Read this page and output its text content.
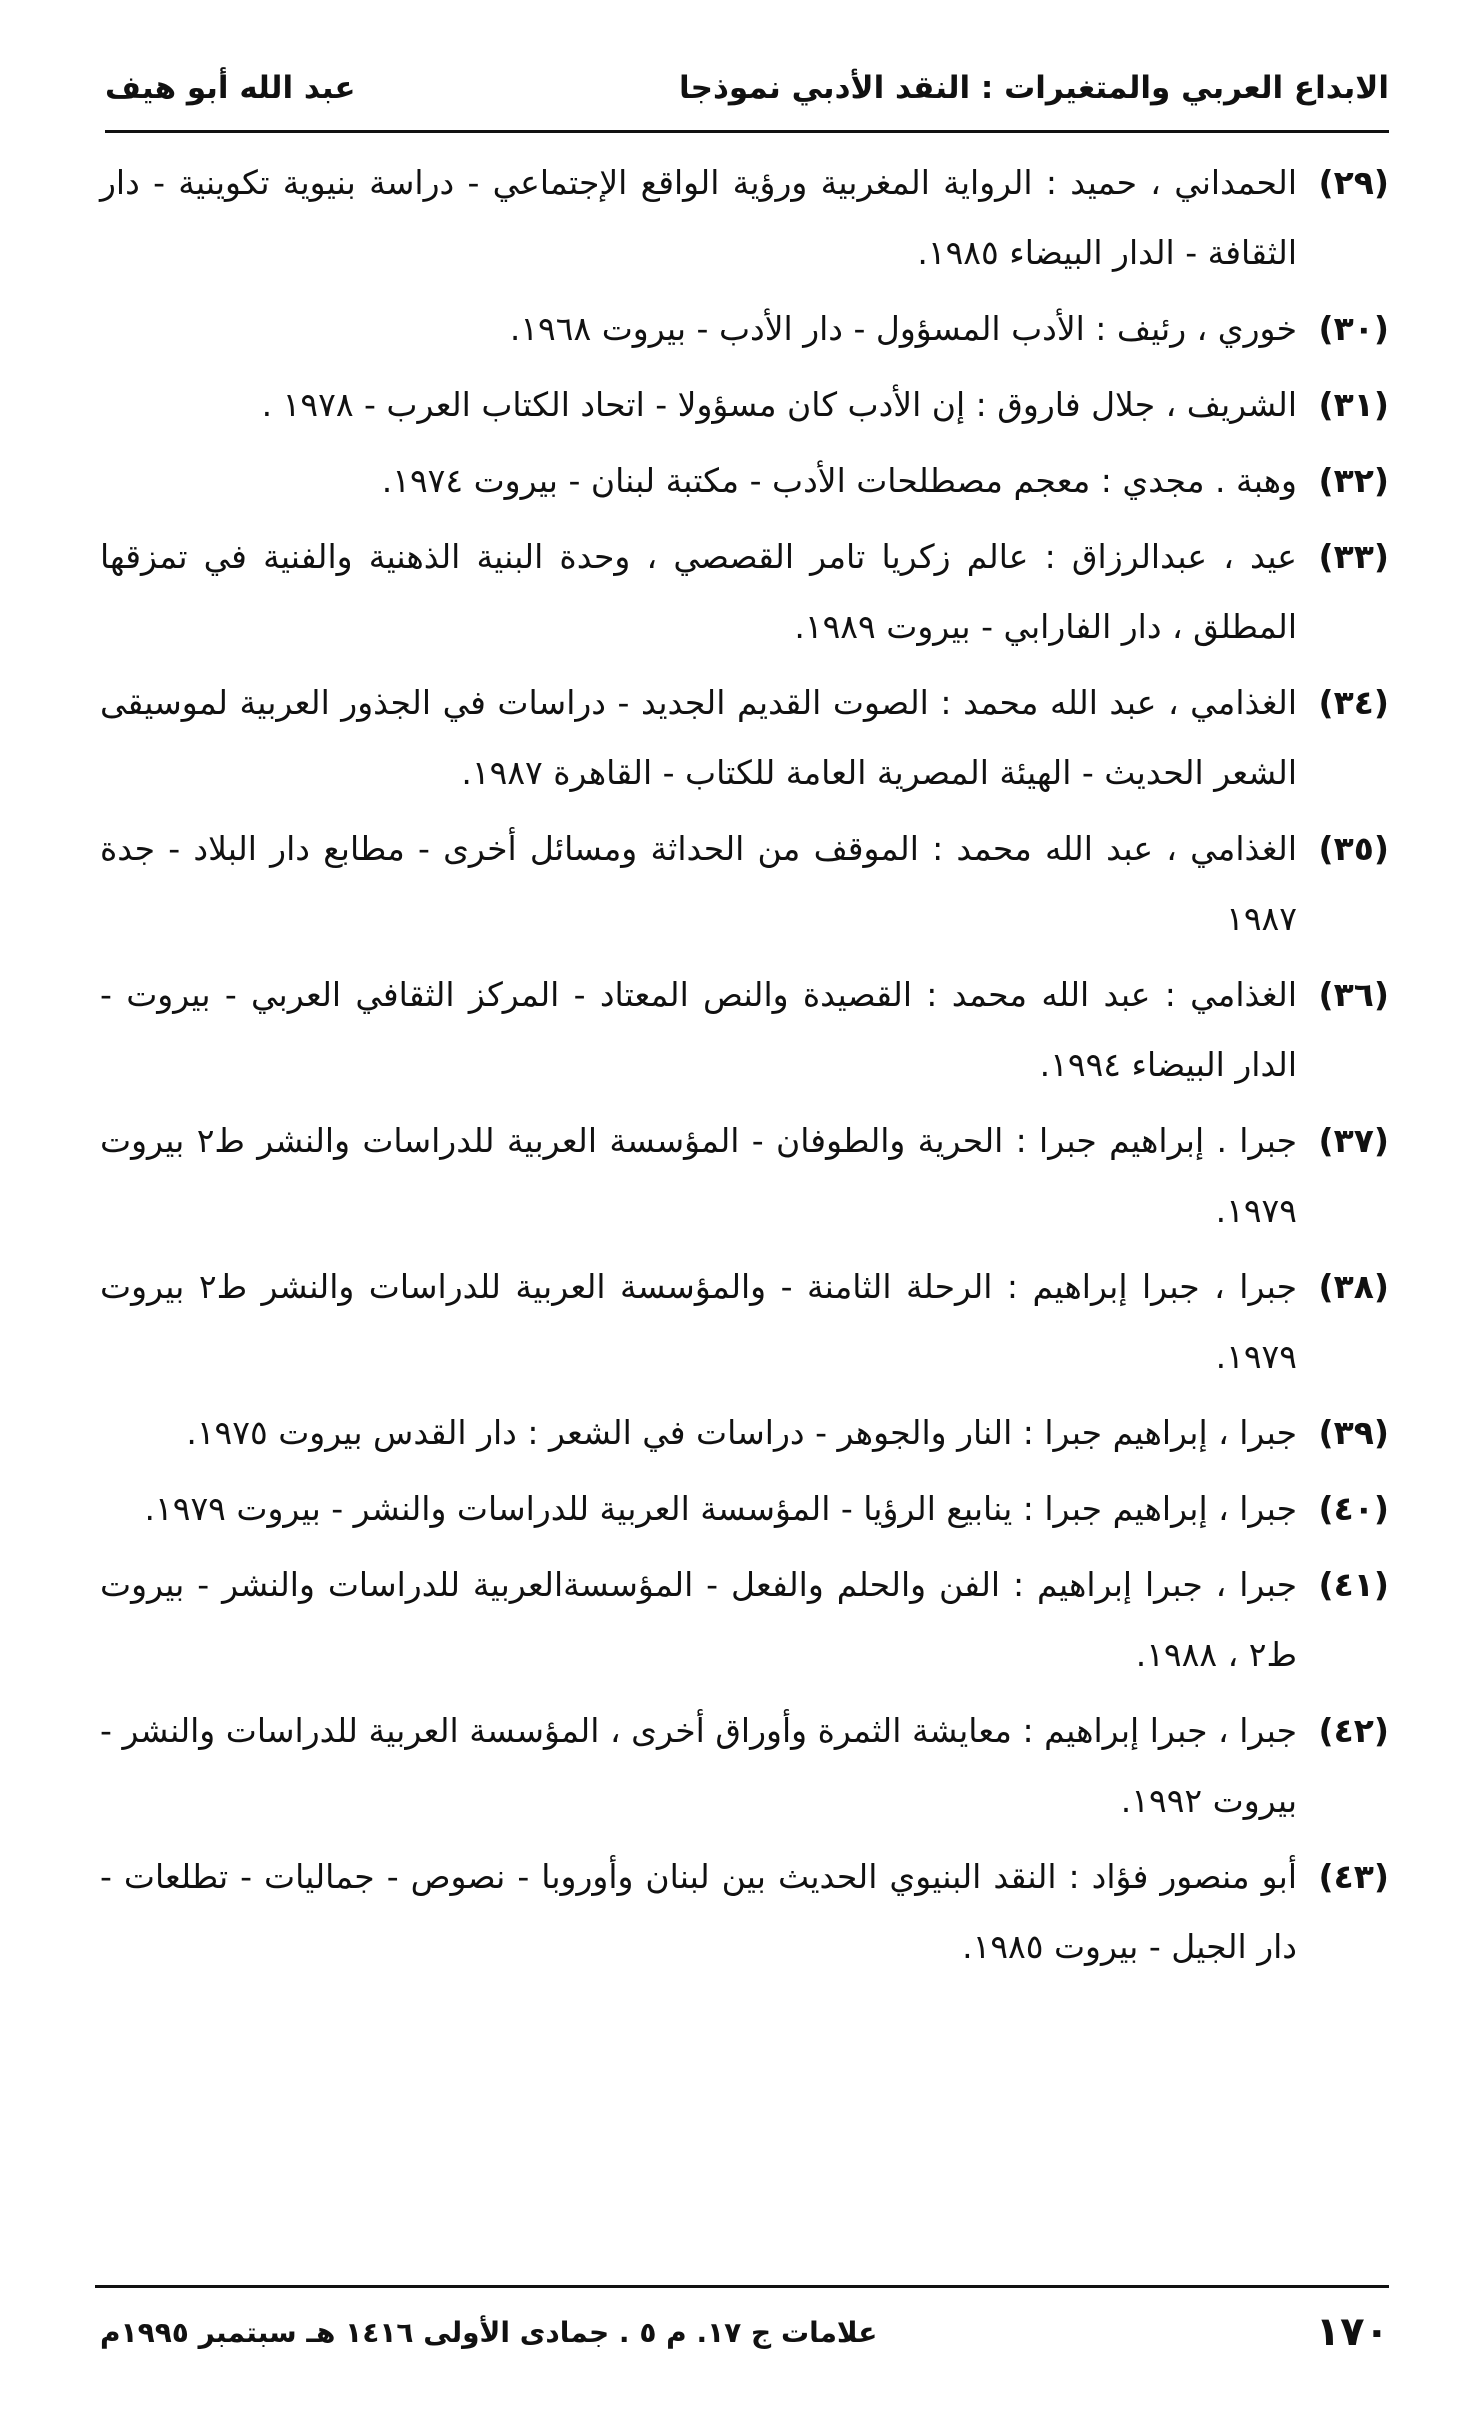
الابداع العربي والمتغيرات : النقد الأدبي نموذجا
عبد الله أبو هيف
(٢٩)الحمداني ، حميد : الرواية المغربية ورؤية الواقع الإجتماعي - دراسة بنيوية تكوينية - دار الثقافة - الدار البيضاء ١٩٨٥.
(٣٠)خوري ، رئيف : الأدب المسؤول - دار الأدب - بيروت ١٩٦٨.
(٣١)الشريف ، جلال فاروق : إن الأدب كان مسؤولا - اتحاد الكتاب العرب - ١٩٧٨ .
(٣٢)وهبة . مجدي : معجم مصطلحات الأدب - مكتبة لبنان - بيروت ١٩٧٤.
(٣٣)عيد ، عبدالرزاق : عالم زكريا تامر القصصي ، وحدة البنية الذهنية والفنية في تمزقها المطلق ، دار الفارابي - بيروت ١٩٨٩.
(٣٤)الغذامي ، عبد الله محمد : الصوت القديم الجديد - دراسات في الجذور العربية لموسيقى الشعر الحديث - الهيئة المصرية العامة للكتاب - القاهرة ١٩٨٧.
(٣٥)الغذامي ، عبد الله محمد : الموقف من الحداثة ومسائل أخرى - مطابع دار البلاد - جدة ١٩٨٧
(٣٦)الغذامي : عبد الله محمد : القصيدة والنص المعتاد - المركز الثقافي العربي - بيروت - الدار البيضاء ١٩٩٤.
(٣٧)جبرا . إبراهيم جبرا : الحرية والطوفان - المؤسسة العربية للدراسات والنشر ط٢ بيروت ١٩٧٩.
(٣٨)جبرا ، جبرا إبراهيم : الرحلة الثامنة - والمؤسسة العربية للدراسات والنشر ط٢ بيروت ١٩٧٩.
(٣٩)جبرا ، إبراهيم جبرا : النار والجوهر - دراسات في الشعر : دار القدس بيروت ١٩٧٥.
(٤٠)جبرا ، إبراهيم جبرا : ينابيع الرؤيا - المؤسسة العربية للدراسات والنشر - بيروت ١٩٧٩.
(٤١)جبرا ، جبرا إبراهيم : الفن والحلم والفعل - المؤسسةالعربية للدراسات والنشر - بيروت ط٢ ، ١٩٨٨.
(٤٢)جبرا ، جبرا إبراهيم : معايشة الثمرة وأوراق أخرى ، المؤسسة العربية للدراسات والنشر - بيروت ١٩٩٢.
(٤٣)أبو منصور فؤاد : النقد البنيوي الحديث بين لبنان وأوروبا - نصوص - جماليات - تطلعات - دار الجيل - بيروت ١٩٨٥.
١٧٠
علامات ج ١٧. م ٥ . جمادى الأولى ١٤١٦ هـ سبتمبر ١٩٩٥م
